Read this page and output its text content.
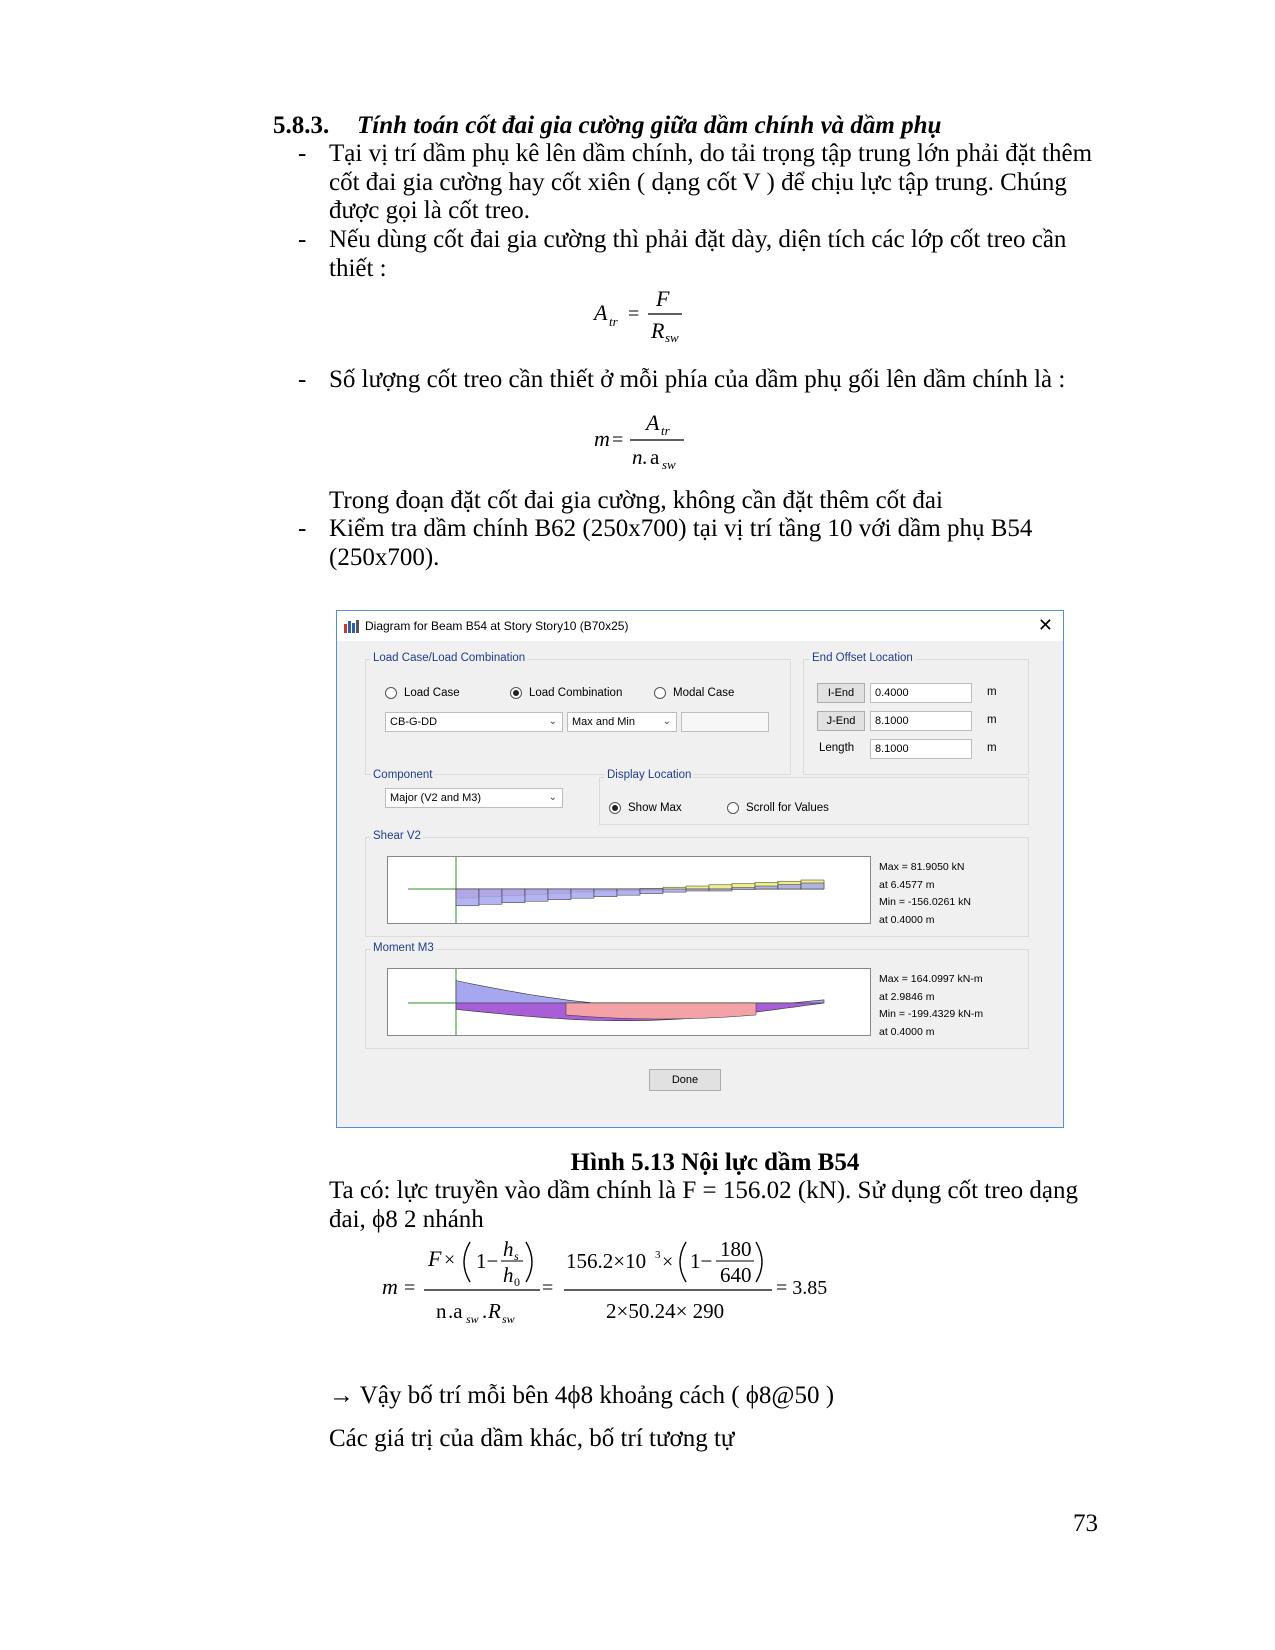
5.8.3. Tính toán cốt đai gia cường giữa dầm chính và dầm phụ
- Tại vị trí dầm phụ kê lên dầm chính, do tải trọng tập trung lớn phải đặt thêm cốt đai gia cường hay cốt xiên ( dạng cốt V ) để chịu lực tập trung. Chúng được gọi là cốt treo.
- Nếu dùng cốt đai gia cường thì phải đặt dày, diện tích các lớp cốt treo cần thiết :
A tr =
F
R sw
- Số lượng cốt treo cần thiết ở mỗi phía của dầm phụ gối lên dầm chính là :
m =
A tr
n. a sw
Trong đoạn đặt cốt đai gia cường, không cần đặt thêm cốt đai
- Kiểm tra dầm chính B62 (250x700) tại vị trí tầng 10 với dầm phụ B54 (250x700).
Diagram for Beam B54 at Story Story10 (B70x25)	✕
Load Case/Load Combination
Load Case	Load Combination	Modal Case
CB-G-DD	⌄	Max and Min	⌄
End Offset Location
I-End	0.4000	m
J-End	8.1000	m
Length	8.1000	m
Component
Major (V2 and M3)	⌄
Display Location
Show Max	Scroll for Values
Shear V2
Max = 81.9050 kN
at 6.4577 m
Min = -156.0261 kN
at 0.4000 m
Moment M3
Max = 164.0997 kN-m
at 2.9846 m
Min = -199.4329 kN-m
at 0.4000 m
Done
Hình 5.13 Nội lực dầm B54
Ta có: lực truyền vào dầm chính là F = 156.02 (kN). Sử dụng cốt treo dạng đai, ϕ8 2 nhánh
m =
F × 1− h s
h 0
n .a sw . R sw
=
156.2×10 3 × 1− 180
640
2×50.24× 290
= 3.85
→ Vậy bố trí mỗi bên 4ϕ8 khoảng cách ( ϕ8@50 )
Các giá trị của dầm khác, bố trí tương tự
73
